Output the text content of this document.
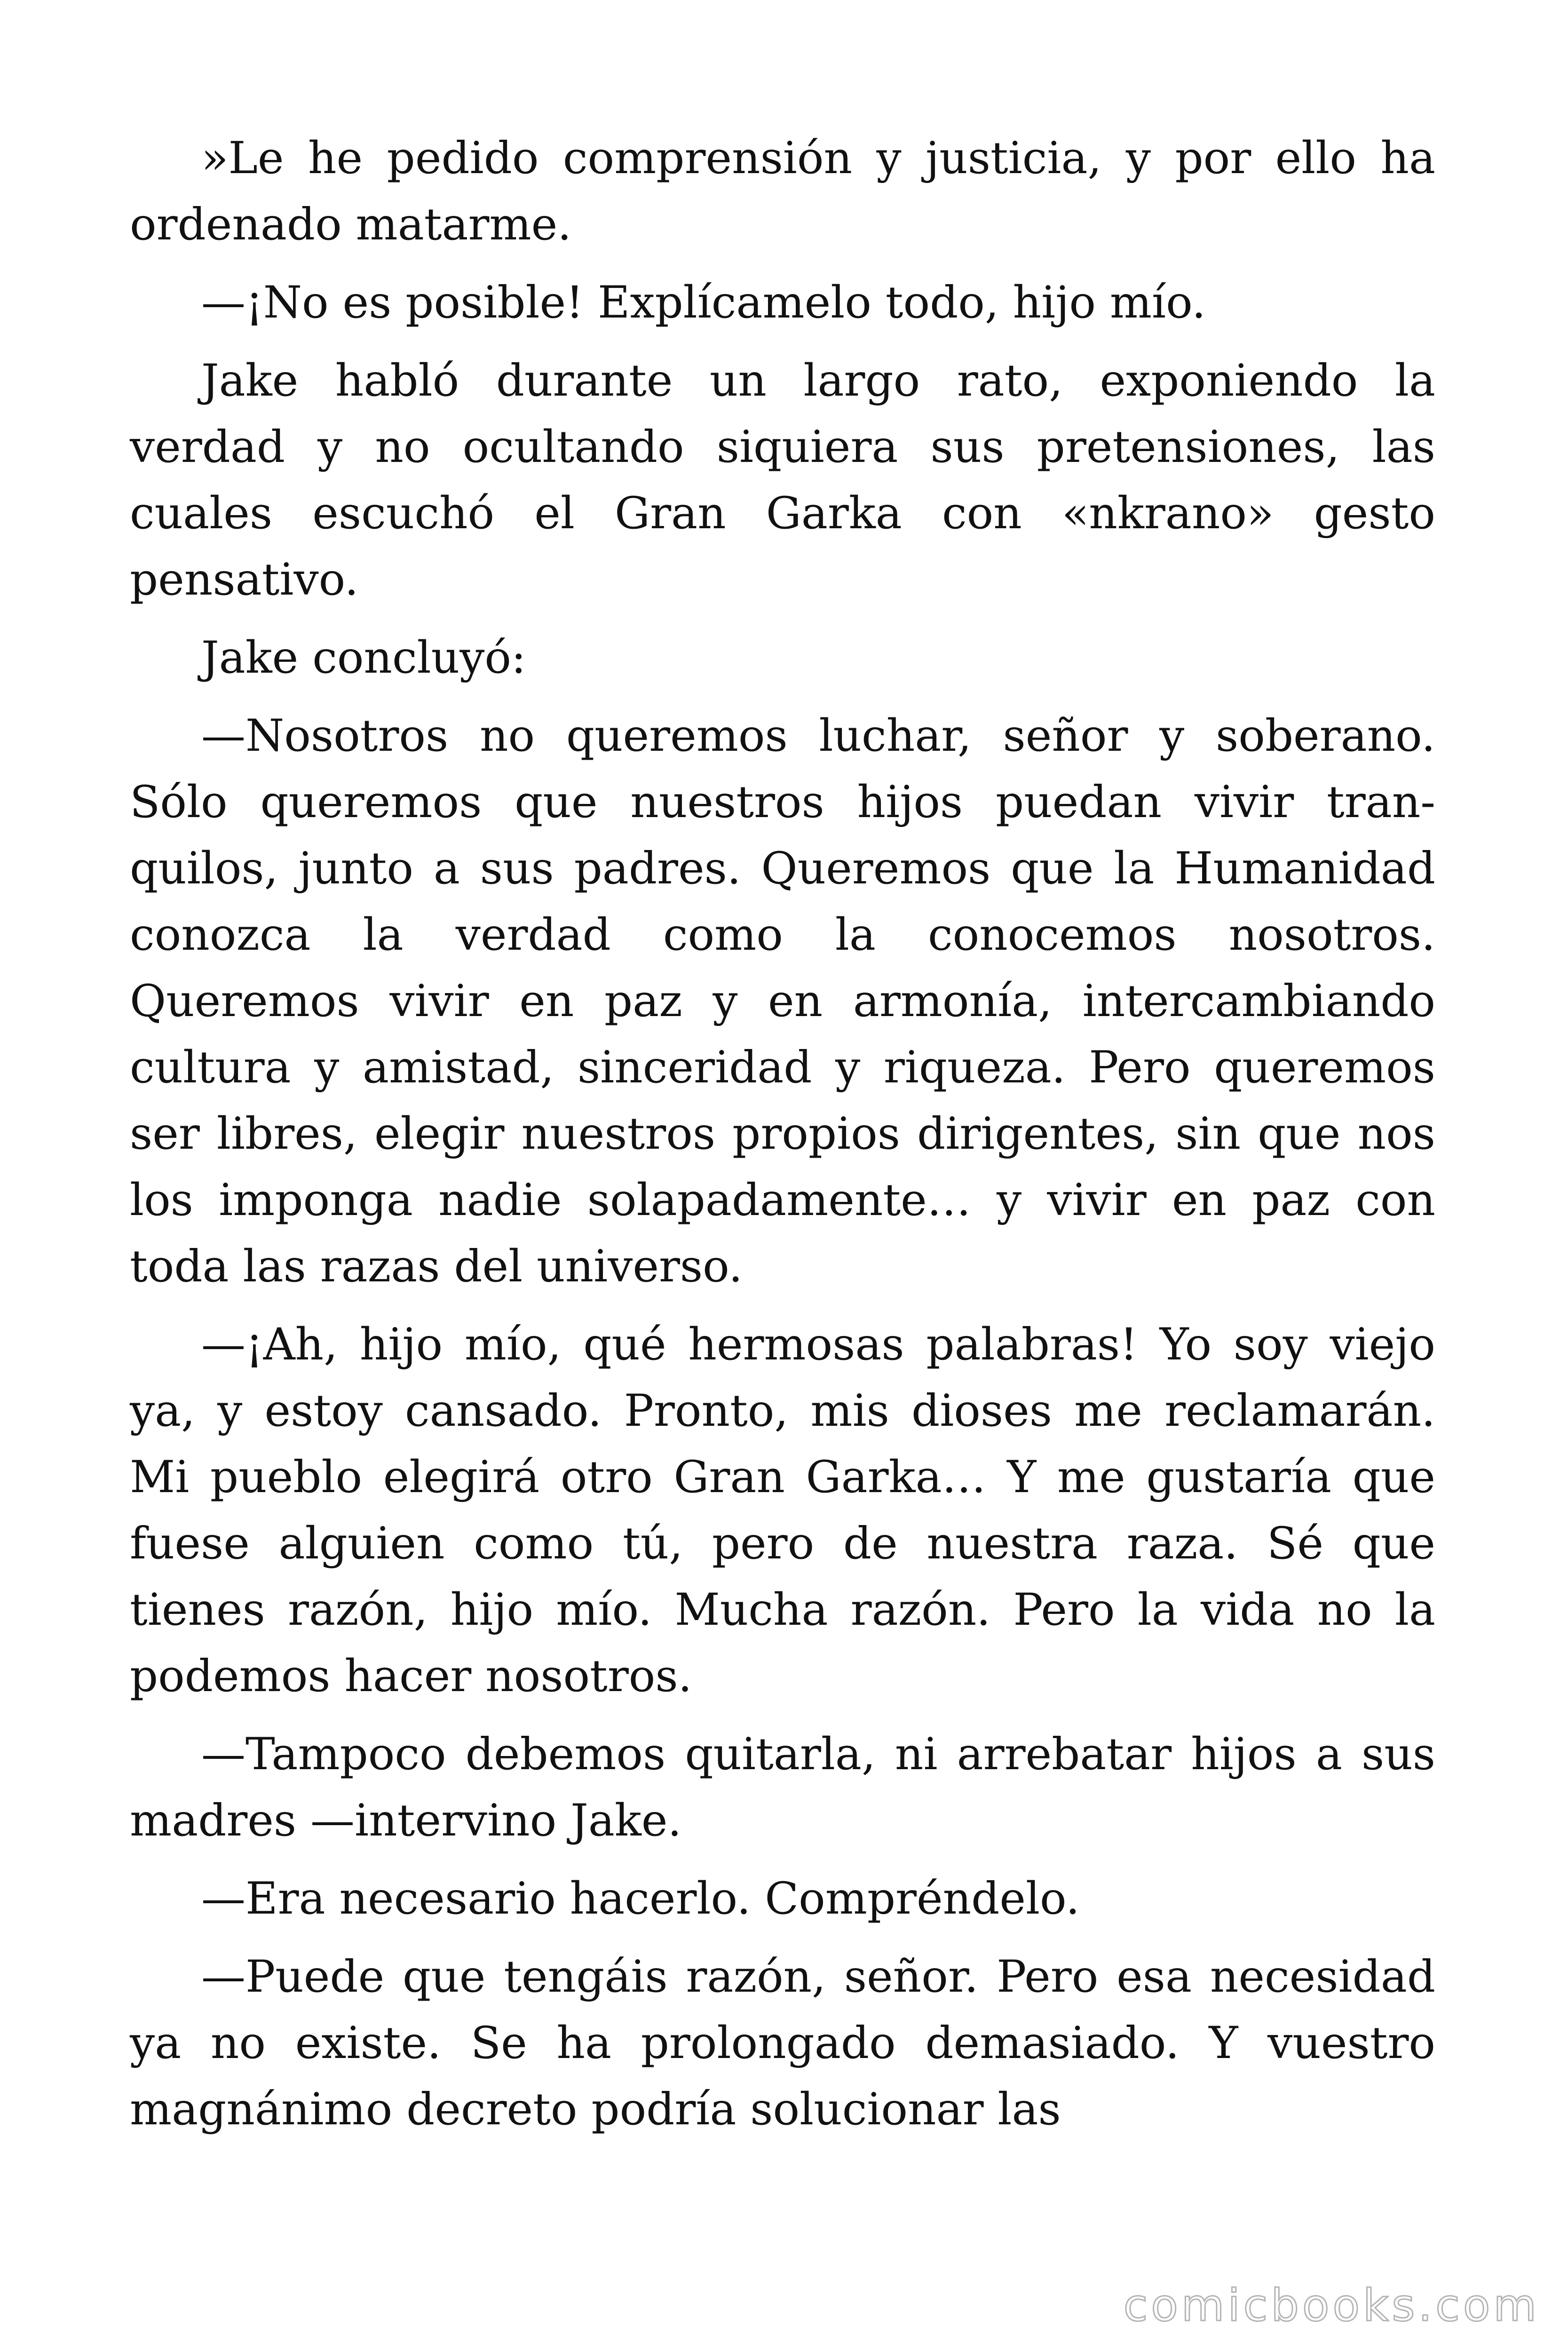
»Le he pedido comprensión y justicia, y por ello ha ordenado matarme.

—¡No es posible! Explícamelo todo, hijo mío.

Jake habló durante un largo rato, exponiendo la verdad y no ocultando siquiera sus pretensiones, las cuales escuchó el Gran Garka con «nkrano» gesto pensativo.

Jake concluyó:

—Nosotros no queremos luchar, señor y soberano. Sólo queremos que nuestros hijos puedan vivir tranquilos, junto a sus padres. Queremos que la Humanidad conozca la verdad como la conocemos nosotros. Queremos vivir en paz y en armonía, intercambiando cultura y amistad, sinceridad y riqueza. Pero queremos ser libres, elegir nuestros propios dirigentes, sin que nos los imponga nadie solapadamente… y vivir en paz con toda las razas del universo.

—¡Ah, hijo mío, qué hermosas palabras! Yo soy viejo ya, y estoy cansado. Pronto, mis dioses me reclamarán. Mi pueblo elegirá otro Gran Garka… Y me gustaría que fuese alguien como tú, pero de nuestra raza. Sé que tienes razón, hijo mío. Mucha razón. Pero la vida no la podemos hacer nosotros.

—Tampoco debemos quitarla, ni arrebatar hijos a sus madres —intervino Jake.

—Era necesario hacerlo. Compréndelo.

—Puede que tengáis razón, señor. Pero esa necesidad ya no existe. Se ha prolongado demasiado. Y vuestro magnánimo decreto podría solucionar las

comicbooks.com
